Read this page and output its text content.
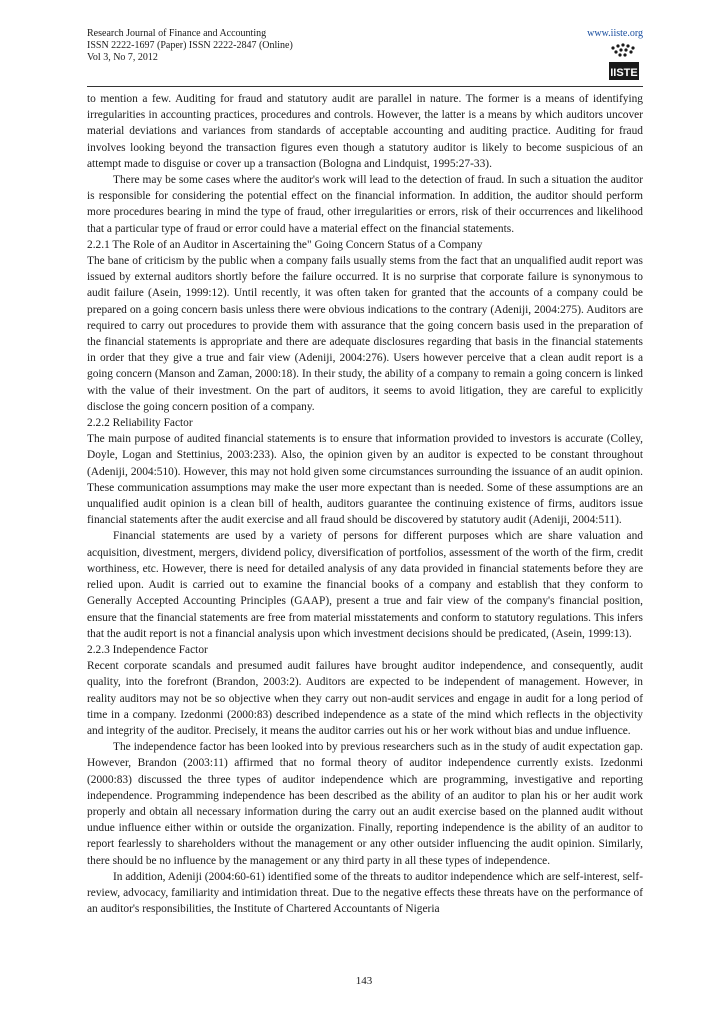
Research Journal of Finance and Accounting
ISSN 2222-1697 (Paper) ISSN 2222-2847 (Online)
Vol 3, No 7, 2012
www.iiste.org
IISTE

to mention a few. Auditing for fraud and statutory audit are parallel in nature. The former is a means of identifying irregularities in accounting practices, procedures and controls. However, the latter is a means by which auditors uncover material deviations and variances from standards of acceptable accounting and auditing practice. Auditing for fraud involves looking beyond the transaction figures even though a statutory auditor is likely to become suspicious of an attempt made to disguise or cover up a transaction (Bologna and Lindquist, 1995:27-33).

There may be some cases where the auditor's work will lead to the detection of fraud. In such a situation the auditor is responsible for considering the potential effect on the financial information. In addition, the auditor should perform more procedures bearing in mind the type of fraud, other irregularities or errors, risk of their occurrences and likelihood that a particular type of fraud or error could have a material effect on the financial statements.

2.2.1 The Role of an Auditor in Ascertaining the" Going Concern Status of a Company

The bane of criticism by the public when a company fails usually stems from the fact that an unqualified audit report was issued by external auditors shortly before the failure occurred. It is no surprise that corporate failure is synonymous to audit failure (Asein, 1999:12). Until recently, it was often taken for granted that the accounts of a company could be prepared on a going concern basis unless there were obvious indications to the contrary (Adeniji, 2004:275). Auditors are required to carry out procedures to provide them with assurance that the going concern basis used in the preparation of the financial statements is appropriate and there are adequate disclosures regarding that basis in the financial statements in order that they give a true and fair view (Adeniji, 2004:276). Users however perceive that a clean audit report is a going concern (Manson and Zaman, 2000:18). In their study, the ability of a company to remain a going concern is linked with the value of their investment. On the part of auditors, it seems to avoid litigation, they are careful to explicitly disclose the going concern position of a company.

2.2.2 Reliability Factor

The main purpose of audited financial statements is to ensure that information provided to investors is accurate (Colley, Doyle, Logan and Stettinius, 2003:233). Also, the opinion given by an auditor is expected to be constant throughout (Adeniji, 2004:510). However, this may not hold given some circumstances surrounding the issuance of an audit opinion. These communication assumptions may make the user more expectant than is needed. Some of these assumptions are an unqualified audit opinion is a clean bill of health, auditors guarantee the continuing existence of firms, auditors issue financial statements after the audit exercise and all fraud should be discovered by statutory audit (Adeniji, 2004:511).

Financial statements are used by a variety of persons for different purposes which are share valuation and acquisition, divestment, mergers, dividend policy, diversification of portfolios, assessment of the worth of the firm, credit worthiness, etc. However, there is need for detailed analysis of any data provided in financial statements before they are relied upon. Audit is carried out to examine the financial books of a company and establish that they conform to Generally Accepted Accounting Principles (GAAP), present a true and fair view of the company's financial position, ensure that the financial statements are free from material misstatements and conform to statutory regulations. This infers that the audit report is not a financial analysis upon which investment decisions should be predicated, (Asein, 1999:13).

2.2.3 Independence Factor

Recent corporate scandals and presumed audit failures have brought auditor independence, and consequently, audit quality, into the forefront (Brandon, 2003:2). Auditors are expected to be independent of management. However, in reality auditors may not be so objective when they carry out non-audit services and engage in audit for a long period of time in a company. Izedonmi (2000:83) described independence as a state of the mind which reflects in the objectivity and integrity of the auditor. Precisely, it means the auditor carries out his or her work without bias and undue influence.

The independence factor has been looked into by previous researchers such as in the study of audit expectation gap. However, Brandon (2003:11) affirmed that no formal theory of auditor independence currently exists. Izedonmi (2000:83) discussed the three types of auditor independence which are programming, investigative and reporting independence. Programming independence has been described as the ability of an auditor to plan his or her audit work properly and obtain all necessary information during the carry out an audit exercise based on the planned audit without undue influence either within or outside the organization. Finally, reporting independence is the ability of an auditor to report fearlessly to shareholders without the management or any other outsider influencing the audit opinion. Similarly, there should be no influence by the management or any third party in all these types of independence.

In addition, Adeniji (2004:60-61) identified some of the threats to auditor independence which are self-interest, self-review, advocacy, familiarity and intimidation threat. Due to the negative effects these threats have on the performance of an auditor's responsibilities, the Institute of Chartered Accountants of Nigeria

143
